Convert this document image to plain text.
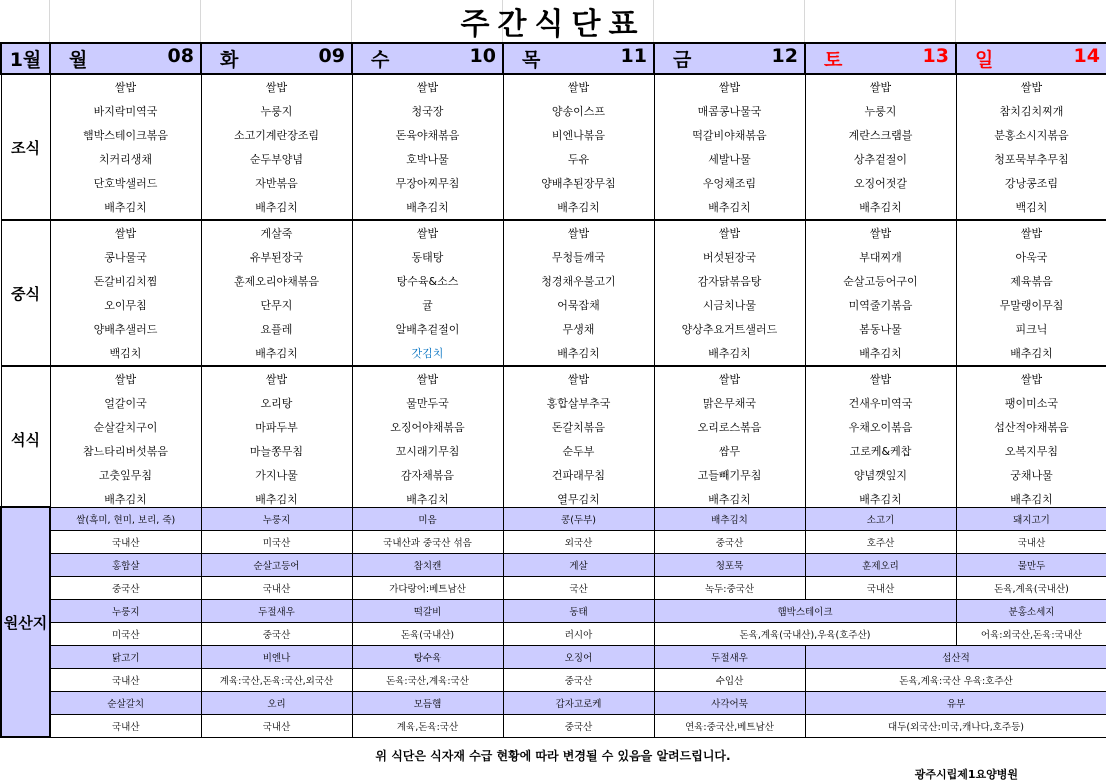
주간식단표
1월	월 08	화 09	수 10	목 11	금 12	토 13	일 14

조식	쌀밥	쌀밥	쌀밥	쌀밥	쌀밥	쌀밥	쌀밥
	바지락미역국	누룽지	청국장	양송이스프	매콤콩나물국	누룽지	참치김치찌개
	햄박스테이크볶음	소고기계란장조림	돈육야채볶음	비엔나볶음	떡갈비야채볶음	계란스크램블	분홍소시지볶음
	치커리생채	순두부양념	호박나물	두유	세발나물	상추겉절이	청포묵부추무침
	단호박샐러드	자반볶음	무장아찌무침	양배추된장무침	우엉채조림	오징어젓갈	강낭콩조림
	배추김치	배추김치	배추김치	배추김치	배추김치	배추김치	백김치
중식	쌀밥	게살죽	쌀밥	쌀밥	쌀밥	쌀밥	쌀밥
	콩나물국	유부된장국	동태탕	무청들깨국	버섯된장국	부대찌개	아욱국
	돈갈비김치찜	훈제오리야채볶음	탕수육&소스	청경채우불고기	감자닭볶음탕	순살고등어구이	제육볶음
	오이무침	단무지	귤	어묵잡채	시금치나물	미역줄기볶음	무말랭이무침
	양배추샐러드	요플레	알배추겉절이	무생채	양상추요거트샐러드	봄동나물	피크닉
	백김치	배추김치	갓김치	배추김치	배추김치	배추김치	배추김치
석식	쌀밥	쌀밥	쌀밥	쌀밥	쌀밥	쌀밥	쌀밥
	얼갈이국	오리탕	물만두국	홍합살부추국	맑은무채국	건새우미역국	팽이미소국
	순살갈치구이	마파두부	오징어야채볶음	돈갈치볶음	오리로스볶음	우채오이볶음	섭산적야채볶음
	참느타리버섯볶음	마늘쫑무침	꼬시래기무침	순두부	쌈무	고로케&케찹	오복지무침
	고춧잎무침	가지나물	감자채볶음	건파래무침	고들빼기무침	양념깻잎지	궁채나물
	배추김치	배추김치	배추김치	열무김치	배추김치	배추김치	배추김치
원산지	쌀(흑미, 현미, 보리, 죽)	누룽지	미음	콩(두부)	배추김치	소고기	돼지고기
	국내산	미국산	국내산과 중국산 섞음	외국산	중국산	호주산	국내산
	홍합살	순살고등어	참치캔	게살	청포묵	훈제오리	물만두
	중국산	국내산	가다랑어:베트남산	국산	녹두:중국산	국내산	돈육,계육(국내산)
	누룽지	두절새우	떡갈비	동태	햄박스테이크		분홍소세지
	미국산	중국산	돈육(국내산)	러시아	돈육,계육(국내산),우육(호주산)		어육:외국산,돈육:국내산
	닭고기	비엔나	탕수육	오징어	두절새우	섭산적	
	국내산	계육:국산,돈육:국산,외국산	돈육:국산,계육:국산	중국산	수입산	돈육,계육:국산 우육:호주산	
	순살갈치	오리	모듬햄	갑자고로케	사각어묵	유부	
	국내산	국내산	계육,돈육:국산	중국산	연육:중국산,베트남산	대두(외국산:미국,캐나다,호주등)	
위 식단은 식자재 수급 현황에 따라 변경될 수 있음을 알려드립니다.
광주시립제1요양병원
